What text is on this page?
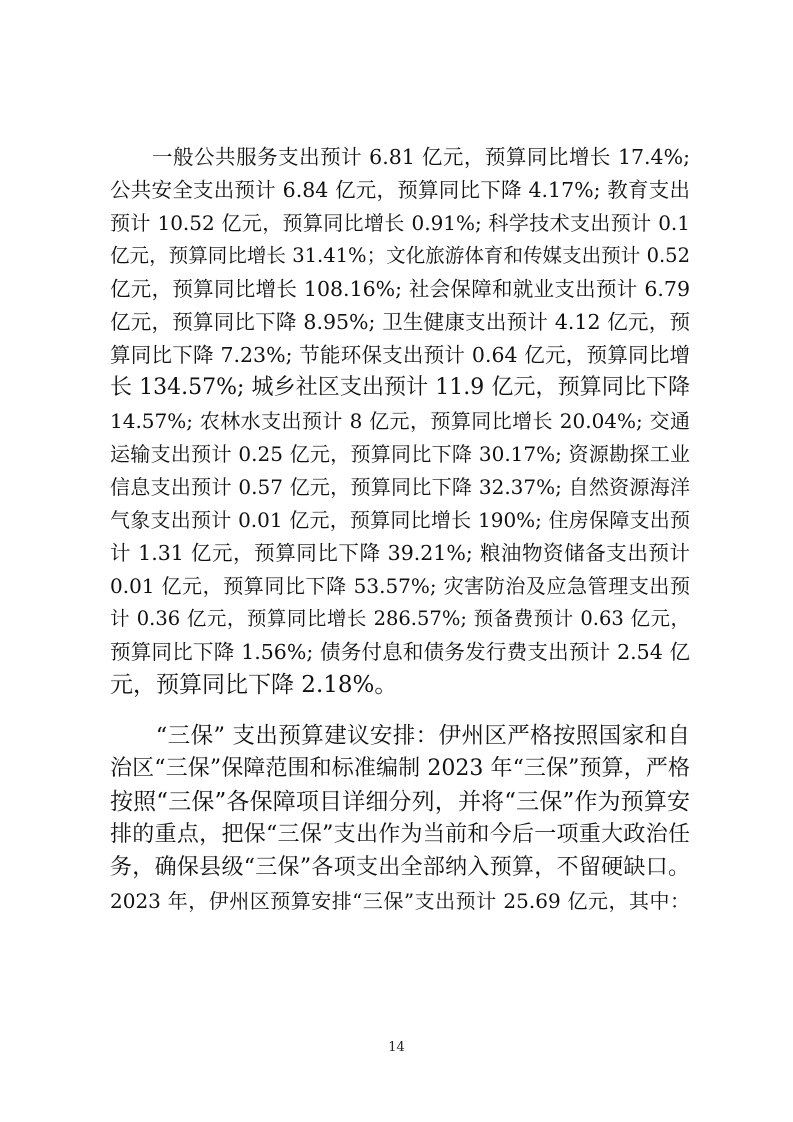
　　一般公共服务支出预计 6.81 亿元，预算同比增长 17.4%;
公共安全支出预计 6.84 亿元，预算同比下降 4.17%; 教育支出
预计 10.52 亿元，预算同比增长 0.91%; 科学技术支出预计 0.1
亿元，预算同比增长 31.41%；文化旅游体育和传媒支出预计 0.52
亿元，预算同比增长 108.16%; 社会保障和就业支出预计 6.79
亿元，预算同比下降 8.95%; 卫生健康支出预计 4.12 亿元，预
算同比下降 7.23%; 节能环保支出预计 0.64 亿元，预算同比增
长 134.57%; 城乡社区支出预计 11.9 亿元，预算同比下降
14.57%; 农林水支出预计 8 亿元，预算同比增长 20.04%; 交通
运输支出预计 0.25 亿元，预算同比下降 30.17%; 资源勘探工业
信息支出预计 0.57 亿元，预算同比下降 32.37%; 自然资源海洋
气象支出预计 0.01 亿元，预算同比增长 190%; 住房保障支出预
计 1.31 亿元，预算同比下降 39.21%; 粮油物资储备支出预计
0.01 亿元，预算同比下降 53.57%; 灾害防治及应急管理支出预
计 0.36 亿元，预算同比增长 286.57%; 预备费预计 0.63 亿元，
预算同比下降 1.56%; 债务付息和债务发行费支出预计 2.54 亿
元，预算同比下降 2.18%。
　　“三保” 支出预算建议安排：伊州区严格按照国家和自
治区“三保”保障范围和标准编制 2023 年“三保”预算，严格
按照“三保”各保障项目详细分列，并将“三保”作为预算安
排的重点，把保“三保”支出作为当前和今后一项重大政治任
务，确保县级“三保”各项支出全部纳入预算，不留硬缺口。
2023 年，伊州区预算安排“三保”支出预计 25.69 亿元，其中：
14
